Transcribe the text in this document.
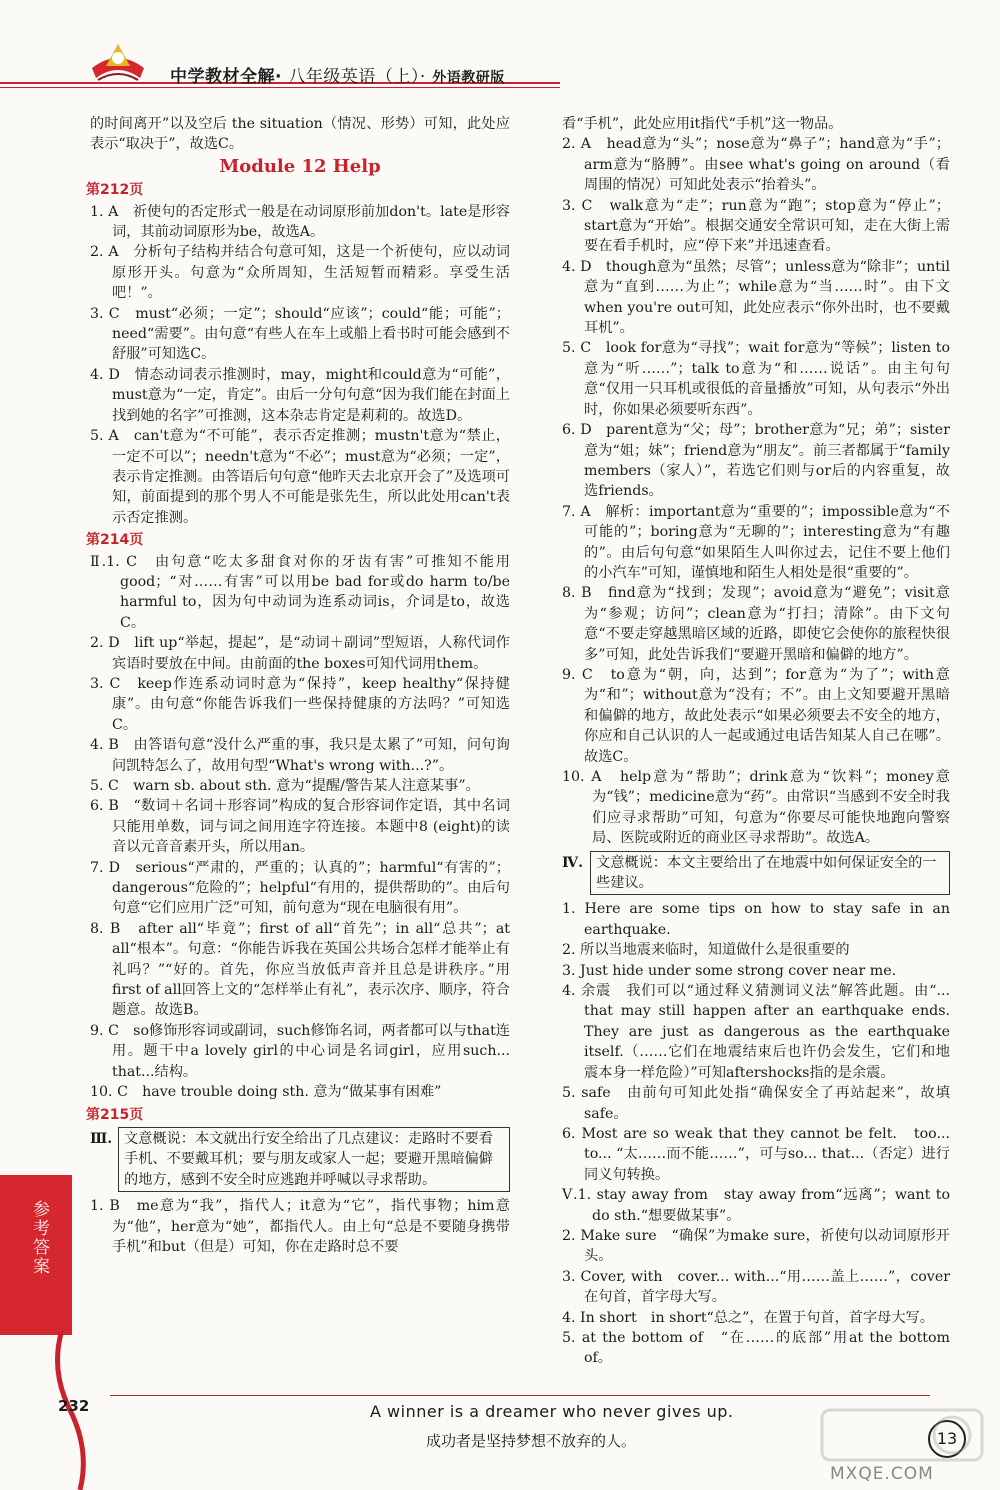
中学教材全解· 八年级英语（上）· 外语教研版

的时间离开”以及空后 the situation（情况、形势）可知，此处应表示“取决于”，故选C。

Module 12 Help
第212页

1. A　祈使句的否定形式一般是在动词原形前加don't。late是形容词，其前动词原形为be，故选A。

2. A　分析句子结构并结合句意可知，这是一个祈使句，应以动词原形开头。句意为“众所周知，生活短暂而精彩。享受生活吧！”。

3. C　must“必须；一定”；should“应该”；could“能；可能”；need“需要”。由句意“有些人在车上或船上看书时可能会感到不舒服”可知选C。

4. D　情态动词表示推测时，may，might和could意为“可能”，must意为“一定，肯定”。由后一分句句意“因为我们能在封面上找到她的名字”可推测，这本杂志肯定是莉莉的。故选D。

5. A　can't意为“不可能”，表示否定推测；mustn't意为“禁止，一定不可以”；needn't意为“不必”；must意为“必须；一定”，表示肯定推测。由答语后句句意“他昨天去北京开会了”及选项可知，前面提到的那个男人不可能是张先生，所以此处用can't表示否定推测。

第214页

Ⅱ.1. C　由句意“吃太多甜食对你的牙齿有害”可推知不能用good；“对……有害”可以用be bad for或do harm to/be harmful to，因为句中动词为连系动词is，介词是to，故选C。

2. D　lift up“举起，提起”，是“动词＋副词”型短语，人称代词作宾语时要放在中间。由前面的the boxes可知代词用them。

3. C　keep作连系动词时意为“保持”，keep healthy“保持健康”。由句意“你能告诉我们一些保持健康的方法吗？”可知选C。

4. B　由答语句意“没什么严重的事，我只是太累了”可知，问句询问凯特怎么了，故用句型“What's wrong with...?”。

5. C　warn sb. about sth. 意为“提醒/警告某人注意某事”。

6. B　“数词＋名词＋形容词”构成的复合形容词作定语，其中名词只能用单数，词与词之间用连字符连接。本题中8 (eight)的读音以元音音素开头，所以用an。

7. D　serious“严肃的，严重的；认真的”；harmful“有害的”；dangerous“危险的”；helpful“有用的，提供帮助的”。由后句句意“它们应用广泛”可知，前句意为“现在电脑很有用”。

8. B　after all“毕竟”；first of all“首先”；in all“总共”；at all“根本”。句意：“你能告诉我在英国公共场合怎样才能举止有礼吗？”“好的。首先，你应当放低声音并且总是讲秩序。”用first of all回答上文的“怎样举止有礼”，表示次序、顺序，符合题意。故选B。

9. C　so修饰形容词或副词，such修饰名词，两者都可以与that连用。题干中a lovely girl的中心词是名词girl，应用such... that...结构。

10. C　have trouble doing sth. 意为“做某事有困难”

第215页
Ⅲ. 文意概说：本文就出行安全给出了几点建议：走路时不要看手机、不要戴耳机；要与朋友或家人一起；要避开黑暗偏僻的地方，感到不安全时应逃跑并呼喊以寻求帮助。

1. B　me意为“我”，指代人；it意为“它”，指代事物；him意为“他”，her意为“她”，都指代人。由上句“总是不要随身携带手机”和but（但是）可知，你在走路时总不要

看“手机”，此处应用it指代“手机”这一物品。

2. A　head意为“头”；nose意为“鼻子”；hand意为“手”；arm意为“胳膊”。由see what's going on around（看周围的情况）可知此处表示“抬着头”。

3. C　walk意为“走”；run意为“跑”；stop意为“停止”；start意为“开始”。根据交通安全常识可知，走在大街上需要在看手机时，应“停下来”并迅速查看。

4. D　though意为“虽然；尽管”；unless意为“除非”；until意为“直到……为止”；while意为“当……时”。由下文when you're out可知，此处应表示“你外出时，也不要戴耳机”。

5. C　look for意为“寻找”；wait for意为“等候”；listen to意为“听……”；talk to意为“和……说话”。由主句句意“仅用一只耳机或很低的音量播放”可知，从句表示“外出时，你如果必须要听东西”。

6. D　parent意为“父；母”；brother意为“兄；弟”；sister意为“姐；妹”；friend意为“朋友”。前三者都属于“family members（家人）”，若选它们则与or后的内容重复，故选friends。

7. A　解析：important意为“重要的”；impossible意为“不可能的”；boring意为“无聊的”；interesting意为“有趣的”。由后句句意“如果陌生人叫你过去，记住不要上他们的小汽车”可知，谨慎地和陌生人相处是很“重要的”。

8. B　find意为“找到；发现”；avoid意为“避免”；visit意为“参观；访问”；clean意为“打扫；清除”。由下文句意“不要走穿越黑暗区域的近路，即使它会使你的旅程快很多”可知，此处告诉我们“要避开黑暗和偏僻的地方”。

9. C　to意为“朝，向，达到”；for意为“为了”；with意为“和”；without意为“没有；不”。由上文知要避开黑暗和偏僻的地方，故此处表示“如果必须要去不安全的地方，你应和自己认识的人一起或通过电话告知某人自己在哪”。故选C。

10. A　help意为“帮助”；drink意为“饮料”；money意为“钱”；medicine意为“药”。由常识“当感到不安全时我们应寻求帮助”可知，句意为“你要尽可能快地跑向警察局、医院或附近的商业区寻求帮助”。故选A。

Ⅳ. 文意概说：本文主要给出了在地震中如何保证安全的一些建议。

1. Here are some tips on how to stay safe in an earthquake.

2. 所以当地震来临时，知道做什么是很重要的

3. Just hide under some strong cover near me.

4. 余震　我们可以“通过释义猜测词义法”解答此题。由“... that may still happen after an earthquake ends. They are just as dangerous as the earthquake itself.（……它们在地震结束后也许仍会发生，它们和地震本身一样危险）”可知aftershocks指的是余震。

5. safe　由前句可知此处指“确保安全了再站起来”，故填safe。

6. Most are so weak that they cannot be felt.　too... to... “太……而不能……”，可与so... that...（否定）进行同义句转换。

Ⅴ.1. stay away from　stay away from“远离”；want to do sth.“想要做某事”。

2. Make sure　“确保”为make sure，祈使句以动词原形开头。

3. Cover, with　cover... with...“用……盖上……”，cover在句首，首字母大写。

4. In short　in short“总之”，在置于句首，首字母大写。

5. at the bottom of　“在……的底部”用at the bottom of。

参考答案
232	A winner is a dreamer who never gives up.
成功者是坚持梦想不放弃的人。	13
MXQE.COM
